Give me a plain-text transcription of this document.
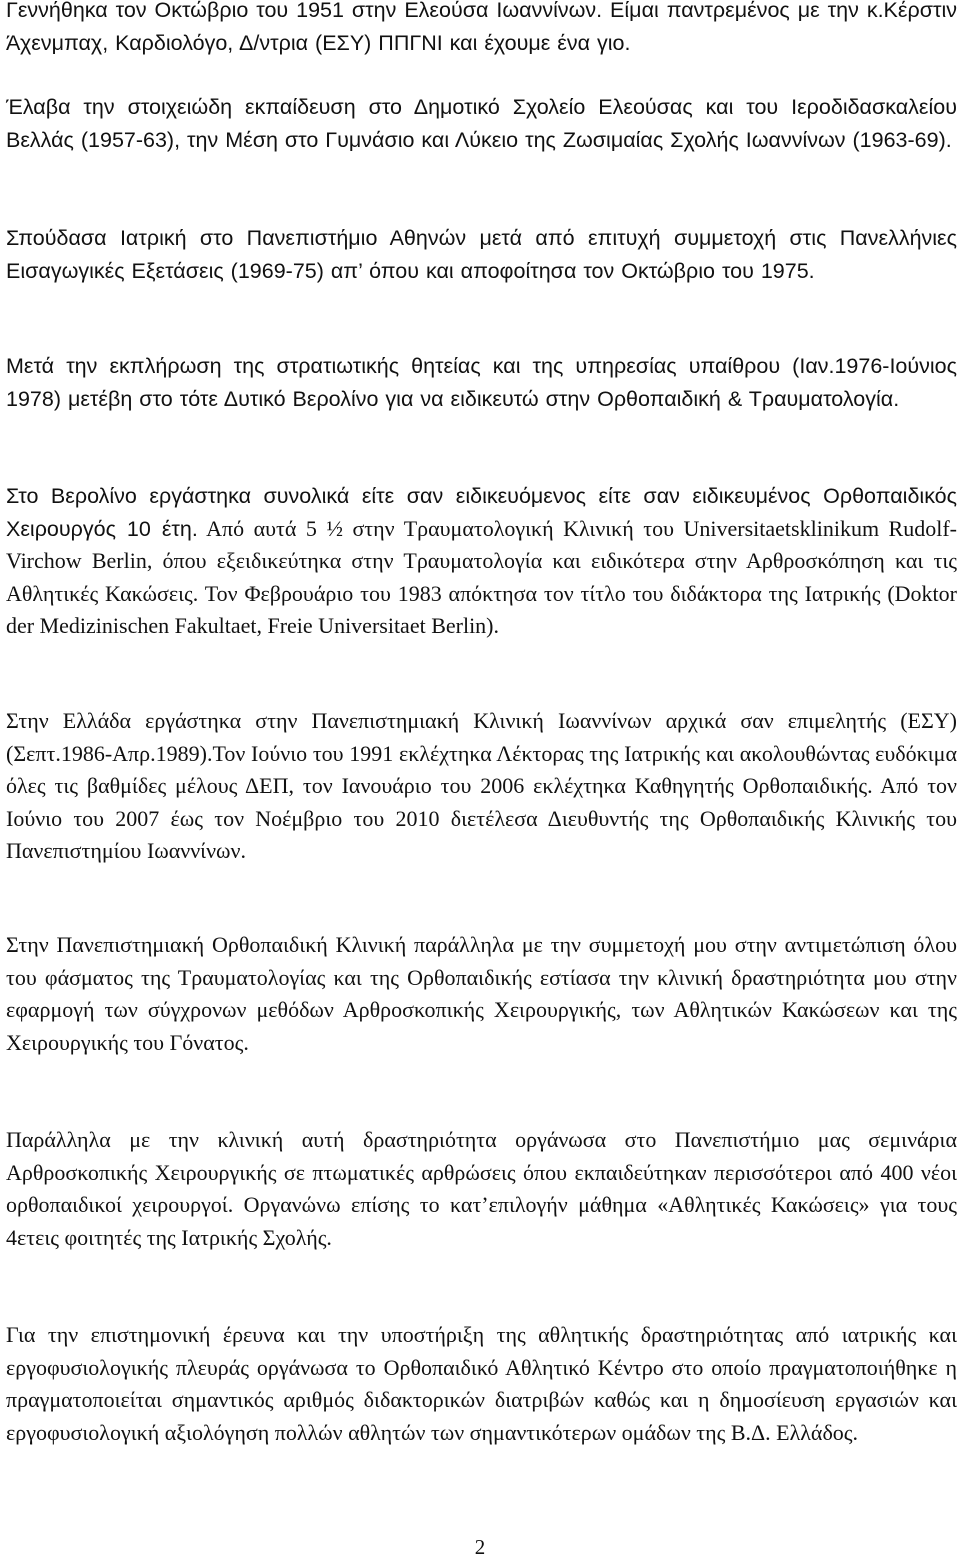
Γεννήθηκα τον Οκτώβριο του 1951 στην Ελεούσα Ιωαννίνων. Είμαι παντρεμένος με την κ.Κέρστιν Άχενμπαχ, Καρδιολόγο, Δ/ντρια (ΕΣΥ) ΠΠΓΝΙ και έχουμε ένα γιο.

Έλαβα την στοιχειώδη εκπαίδευση στο Δημοτικό Σχολείο Ελεούσας και του Ιεροδιδασκαλείου Βελλάς (1957-63), την Μέση στο Γυμνάσιο και Λύκειο της Ζωσιμαίας Σχολής Ιωαννίνων (1963-69).

Σπούδασα Ιατρική στο Πανεπιστήμιο Αθηνών μετά από επιτυχή συμμετοχή στις Πανελλήνιες Εισαγωγικές Εξετάσεις (1969-75) απ’ όπου και αποφοίτησα τον Οκτώβριο του 1975.

Μετά την εκπλήρωση της στρατιωτικής θητείας και της υπηρεσίας υπαίθρου (Ιαν.1976-Ιούνιος 1978) μετέβη στο τότε Δυτικό Βερολίνο για να ειδικευτώ στην Ορθοπαιδική & Τραυματολογία.

Στο Βερολίνο εργάστηκα συνολικά είτε σαν ειδικευόμενος είτε σαν ειδικευμένος Ορθοπαιδικός Χειρουργός 10 έτη. Από αυτά 5 ½ στην Τραυματολογική Κλινική του Universitaetsklinikum Rudolf-Virchow Berlin, όπου εξειδικεύτηκα στην Τραυματολογία και ειδικότερα στην Αρθροσκόπηση και τις Αθλητικές Κακώσεις. Τον Φεβρουάριο του 1983 απόκτησα τον τίτλο του διδάκτορα της Ιατρικής (Doktor der Medizinischen Fakultaet, Freie Universitaet Berlin).

Στην Ελλάδα εργάστηκα στην Πανεπιστημιακή Κλινική Ιωαννίνων αρχικά σαν επιμελητής (ΕΣΥ)(Σεπτ.1986-Απρ.1989).Τον Ιούνιο του 1991 εκλέχτηκα Λέκτορας της Ιατρικής και ακολουθώντας ευδόκιμα όλες τις βαθμίδες μέλους ΔΕΠ, τον Ιανουάριο του 2006 εκλέχτηκα Καθηγητής Ορθοπαιδικής. Από τον Ιούνιο του 2007 έως τον Νοέμβριο του 2010 διετέλεσα Διευθυντής της Ορθοπαιδικής Κλινικής του Πανεπιστημίου Ιωαννίνων.

Στην Πανεπιστημιακή Ορθοπαιδική Κλινική παράλληλα με την συμμετοχή μου στην αντιμετώπιση όλου του φάσματος της Τραυματολογίας και της Ορθοπαιδικής εστίασα την κλινική δραστηριότητα μου στην εφαρμογή των σύγχρονων μεθόδων Αρθροσκοπικής Χειρουργικής, των Αθλητικών Κακώσεων και της Χειρουργικής του Γόνατος.

Παράλληλα με την κλινική αυτή δραστηριότητα οργάνωσα στο Πανεπιστήμιο μας σεμινάρια Αρθροσκοπικής Χειρουργικής σε πτωματικές αρθρώσεις όπου εκπαιδεύτηκαν περισσότεροι από 400 νέοι ορθοπαιδικοί χειρουργοί. Οργανώνω επίσης το κατ’επιλογήν μάθημα «Αθλητικές Κακώσεις» για τους 4ετεις φοιτητές της Ιατρικής Σχολής.

Για την επιστημονική έρευνα και την υποστήριξη της αθλητικής δραστηριότητας από ιατρικής και εργοφυσιολογικής πλευράς οργάνωσα το Ορθοπαιδικό Αθλητικό Κέντρο στο οποίο πραγματοποιήθηκε η πραγματοποιείται σημαντικός αριθμός διδακτορικών διατριβών καθώς και η δημοσίευση εργασιών και εργοφυσιολογική αξιολόγηση πολλών αθλητών των σημαντικότερων ομάδων της Β.Δ. Ελλάδος.

2
